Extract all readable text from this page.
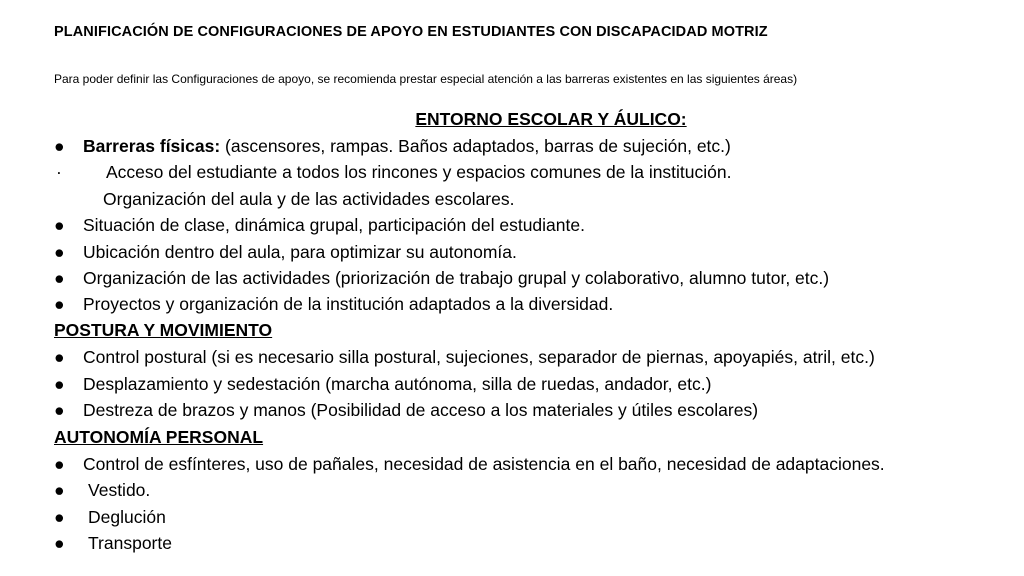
PLANIFICACIÓN DE CONFIGURACIONES DE APOYO EN ESTUDIANTES CON DISCAPACIDAD MOTRIZ
Para poder definir las Configuraciones de apoyo, se recomienda prestar especial atención a las barreras existentes en las siguientes áreas)
ENTORNO ESCOLAR Y ÁULICO:
●	Barreras físicas: (ascensores, rampas. Baños adaptados, barras de sujeción, etc.)
·	Acceso del estudiante a todos los rincones y espacios comunes de la institución.
Organización del aula y de las actividades escolares.
●	Situación de clase, dinámica grupal, participación del estudiante.
●	Ubicación dentro del aula, para optimizar su autonomía.
●	Organización de las actividades (priorización de trabajo grupal y colaborativo, alumno tutor, etc.)
●	Proyectos y organización de la institución adaptados a la diversidad.
POSTURA Y MOVIMIENTO
●	Control postural (si es necesario silla postural, sujeciones, separador de piernas, apoyapiés, atril, etc.)
●	Desplazamiento y sedestación (marcha autónoma, silla de ruedas, andador, etc.)
●	Destreza de brazos y manos (Posibilidad de acceso a los materiales y útiles escolares)
AUTONOMÍA PERSONAL
●	Control de esfínteres, uso de pañales, necesidad de asistencia en el baño, necesidad de adaptaciones.
●	Vestido.
●	Deglución
●	Transporte
